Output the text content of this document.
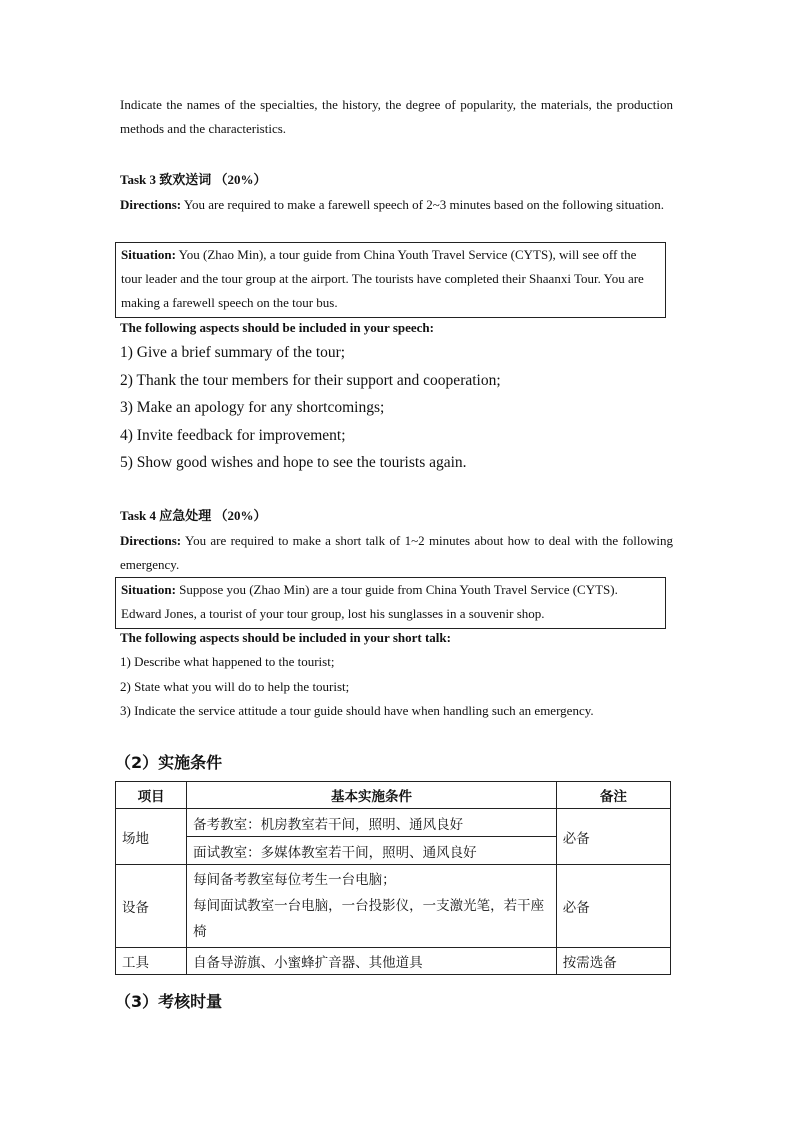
Indicate the names of the specialties, the history, the degree of popularity, the materials, the production methods and the characteristics.
Task 3 致欢送词 （20%）
Directions: You are required to make a farewell speech of 2~3 minutes based on the following situation.
Situation: You (Zhao Min), a tour guide from China Youth Travel Service (CYTS), will see off the tour leader and the tour group at the airport. The tourists have completed their Shaanxi Tour. You are making a farewell speech on the tour bus.
The following aspects should be included in your speech:
1) Give a brief summary of the tour;
2) Thank the tour members for their support and cooperation;
3) Make an apology for any shortcomings;
4) Invite feedback for improvement;
5) Show good wishes and hope to see the tourists again.
Task 4 应急处理 （20%）
Directions: You are required to make a short talk of 1~2 minutes about how to deal with the following emergency.
Situation: Suppose you (Zhao Min) are a tour guide from China Youth Travel Service (CYTS). Edward Jones, a tourist of your tour group, lost his sunglasses in a souvenir shop.
The following aspects should be included in your short talk:
1) Describe what happened to the tourist;
2) State what you will do to help the tourist;
3) Indicate the service attitude a tour guide should have when handling such an emergency.
（2）实施条件
项目	基本实施条件	备注
场地	备考教室：机房教室若干间，照明、通风良好	必备
	面试教室：多媒体教室若干间，照明、通风良好	
设备	每间备考教室每位考生一台电脑；
每间面试教室一台电脑，一台投影仪，一支激光笔，若干座椅	必备
工具	自备导游旗、小蜜蜂扩音器、其他道具	按需选备
（3）考核时量
